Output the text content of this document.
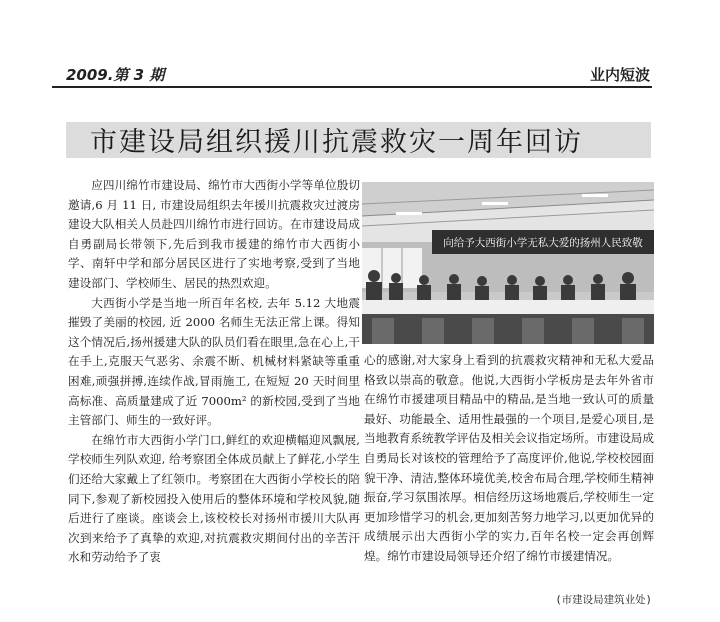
2009.第 3 期	业内短波
市建设局组织援川抗震救灾一周年回访

应四川绵竹市建设局、绵竹市大西街小学等单位殷切邀请,6 月 11 日, 市建设局组织去年援川抗震救灾过渡房建设大队相关人员赴四川绵竹市进行回访。在市建设局成自勇副局长带领下,先后到我市援建的绵竹市大西街小学、南轩中学和部分居民区进行了实地考察,受到了当地建设部门、学校师生、居民的热烈欢迎。

大西街小学是当地一所百年名校, 去年 5.12 大地震摧毁了美丽的校园, 近 2000 名师生无法正常上课。得知这个情况后,扬州援建大队的队员们看在眼里,急在心上,干在手上,克服天气恶劣、余震不断、机械材料紧缺等重重困难,顽强拼搏,连续作战,冒雨施工, 在短短 20 天时间里高标准、高质量建成了近 7000m² 的新校园,受到了当地主管部门、师生的一致好评。

在绵竹市大西街小学门口,鲜红的欢迎横幅迎风飘展,学校师生列队欢迎, 给考察团全体成员献上了鲜花,小学生们还给大家戴上了红领巾。考察团在大西街小学校长的陪同下,参观了新校园投入使用后的整体环境和学校风貌,随后进行了座谈。座谈会上,该校校长对扬州市援川大队再次到来给予了真挚的欢迎,对抗震救灾期间付出的辛苦汗水和劳动给予了衷

向给予大西街小学无私大爱的扬州人民致敬

心的感谢,对大家身上看到的抗震救灾精神和无私大爱品格致以崇高的敬意。他说,大西街小学板房是去年外省市在绵竹市援建项目精品中的精品,是当地一致认可的质量最好、功能最全、适用性最强的一个项目,是爱心项目,是当地教育系统教学评估及相关会议指定场所。市建设局成自勇局长对该校的管理给予了高度评价,他说,学校校园面貌干净、清洁,整体环境优美,校舍布局合理,学校师生精神振奋,学习氛围浓厚。相信经历这场地震后,学校师生一定更加珍惜学习的机会,更加刻苦努力地学习,以更加优异的成绩展示出大西街小学的实力,百年名校一定会再创辉煌。绵竹市建设局领导还介绍了绵竹市援建情况。

(市建设局建筑业处)
